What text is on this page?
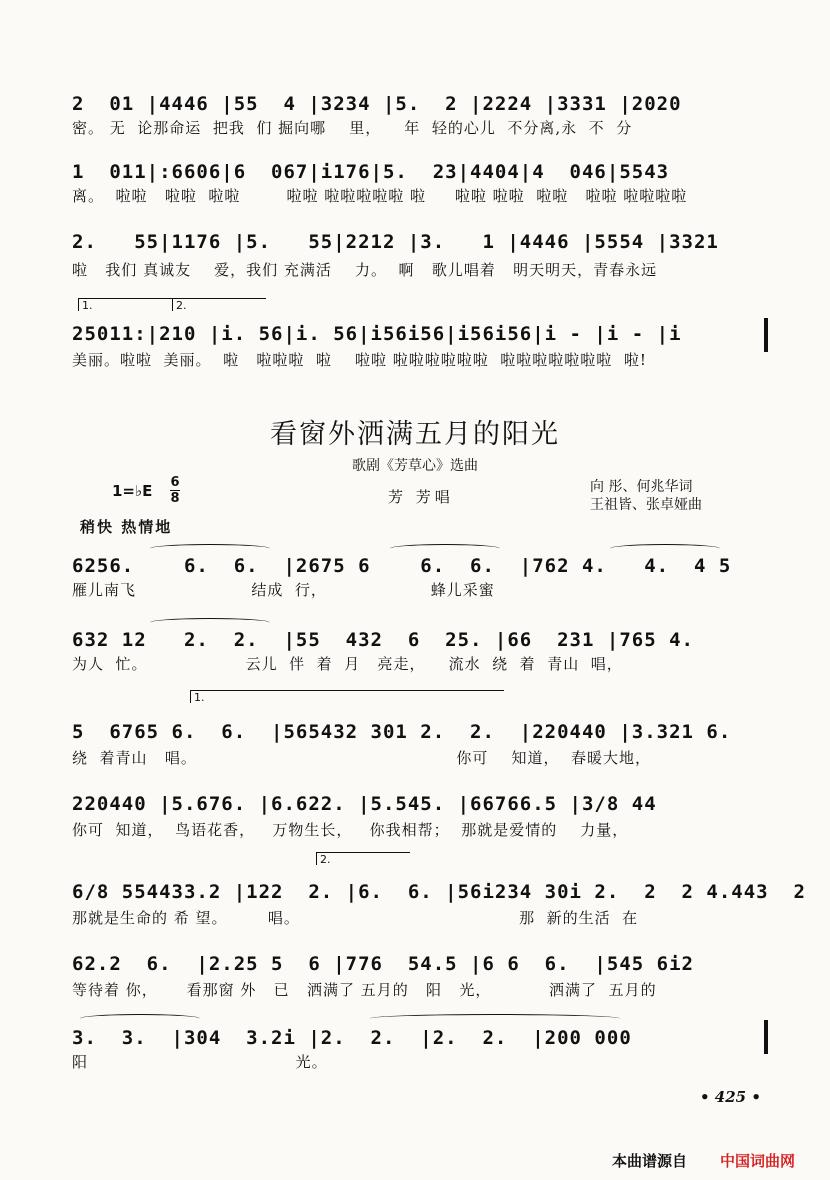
2  01 |4446 |55  4 |3234 |5.  2 |2224 |3331 |2020
密。 无  论那命运  把我  们 掘向哪    里，    年  轻的心儿  不分离,永  不  分
1  011|:6606|6  067|i176|5.  23|4404|4  046|5543
离。  啦啦   啦啦  啦啦        啦啦 啦啦啦啦啦 啦     啦啦 啦啦  啦啦   啦啦 啦啦啦啦
2.   55|1176 |5.   55|2212 |3.   1 |4446 |5554 |3321
啦   我们 真诚友    爱，我们 充满活    力。  啊   歌儿唱着   明天明天，青春永远
1.	2.
25011:|210 |i. 56|i. 56|i56i56|i56i56|i - |i - |i
美丽。啦啦  美丽。  啦   啦啦啦  啦    啦啦 啦啦啦啦啦啦  啦啦啦啦啦啦啦  啦!
看窗外洒满五月的阳光
歌剧《芳草心》选曲
1=♭E 6
8	芳 芳唱
向 彤、何兆华词
王祖皆、张卓娅曲
稍快 热情地
6256.    6.  6.  |2675 6    6.  6.  |762 4.   4.  4 5
雁儿南飞                    结成  行，                  蜂儿采蜜
632 12   2.  2.  |55  432  6  25. |66  231 |765 4.
为人  忙。                 云儿  伴  着  月   亮走，    流水  绕  着  青山  唱，
1.
5  6765 6.  6.  |565432 301 2.  2.  |220440 |3.321 6.
绕  着青山   唱。                                             你可    知道，  春暖大地，
220440 |5.676. |6.622. |5.545. |66766.5 |3/8 44
你可  知道，  鸟语花香，   万物生长，   你我相帮；  那就是爱情的    力量，
2.
6/8 554433.2 |122  2. |6.  6. |56i234 30i 2.  2  2 4.443  2
那就是生命的 希 望。       唱。                                      那  新的生活  在
62.2  6.  |2.25 5  6 |776  54.5 |6 6  6.  |545 6i2
等待着 你，     看那窗 外   已   洒满了 五月的   阳   光，          洒满了  五月的
3.  3.  |304  3.2i |2.  2.  |2.  2.  |200 000
阳                                    光。
• 425 •
本曲谱源自 中国词曲网
